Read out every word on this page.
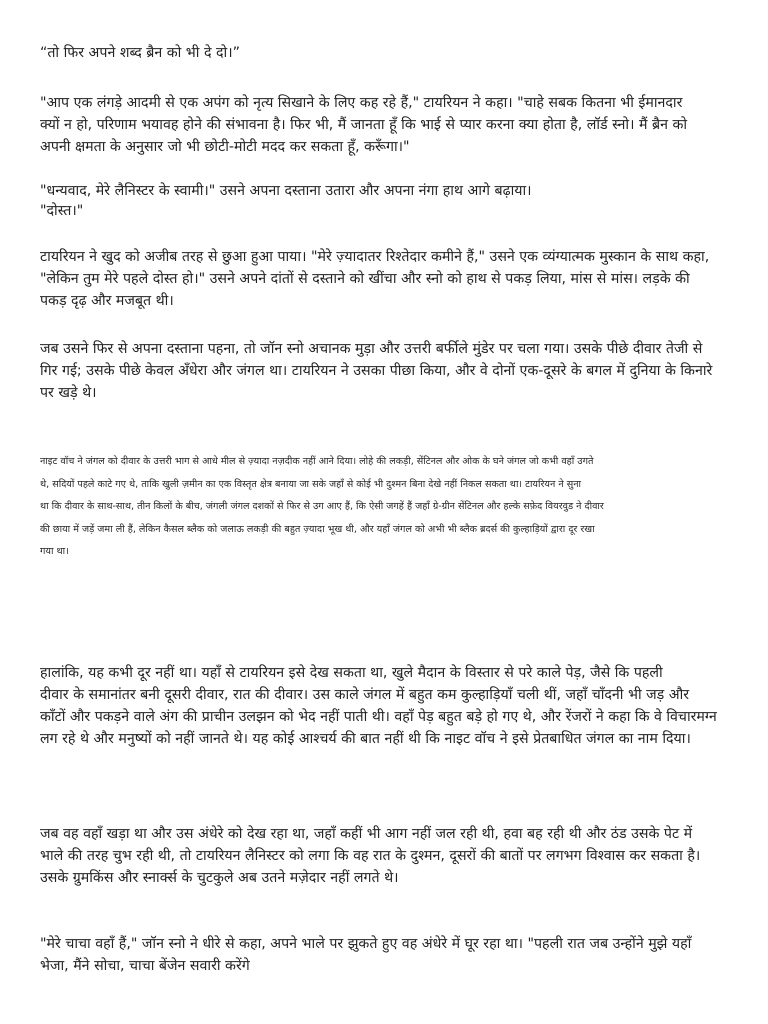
“तो फिर अपने शब्द ब्रैन को भी दे दो।”

"आप एक लंगड़े आदमी से एक अपंग को नृत्य सिखाने के लिए कह रहे हैं," टायरियन ने कहा। "चाहे सबक कितना भी ईमानदार
क्यों न हो, परिणाम भयावह होने की संभावना है। फिर भी, मैं जानता हूँ कि भाई से प्यार करना क्या होता है, लॉर्ड स्नो। मैं ब्रैन को
अपनी क्षमता के अनुसार जो भी छोटी-मोटी मदद कर सकता हूँ, करूँगा।"

"धन्यवाद, मेरे लैनिस्टर के स्वामी।" उसने अपना दस्ताना उतारा और अपना नंगा हाथ आगे बढ़ाया।
"दोस्त।"

टायरियन ने खुद को अजीब तरह से छुआ हुआ पाया। "मेरे ज़्यादातर रिश्तेदार कमीने हैं," उसने एक व्यंग्यात्मक मुस्कान के साथ कहा,
"लेकिन तुम मेरे पहले दोस्त हो।" उसने अपने दांतों से दस्ताने को खींचा और स्नो को हाथ से पकड़ लिया, मांस से मांस। लड़के की
पकड़ दृढ़ और मजबूत थी।

जब उसने फिर से अपना दस्ताना पहना, तो जॉन स्नो अचानक मुड़ा और उत्तरी बर्फीले मुंडेर पर चला गया। उसके पीछे दीवार तेजी से
गिर गई; उसके पीछे केवल अँधेरा और जंगल था। टायरियन ने उसका पीछा किया, और वे दोनों एक-दूसरे के बगल में दुनिया के किनारे
पर खड़े थे।

नाइट वॉच ने जंगल को दीवार के उत्तरी भाग से आधे मील से ज़्यादा नज़दीक नहीं आने दिया। लोहे की लकड़ी, सेंटिनल और ओक के घने जंगल जो कभी वहाँ उगते
थे, सदियों पहले काटे गए थे, ताकि खुली ज़मीन का एक विस्तृत क्षेत्र बनाया जा सके जहाँ से कोई भी दुश्मन बिना देखे नहीं निकल सकता था। टायरियन ने सुना
था कि दीवार के साथ-साथ, तीन किलों के बीच, जंगली जंगल दशकों से फिर से उग आए हैं, कि ऐसी जगहें हैं जहाँ ग्रे-ग्रीन सेंटिनल और हल्के सफ़ेद वियरवुड ने दीवार
की छाया में जड़ें जमा ली हैं, लेकिन कैसल ब्लैक को जलाऊ लकड़ी की बहुत ज़्यादा भूख थी, और यहाँ जंगल को अभी भी ब्लैक ब्रदर्स की कुल्हाड़ियों द्वारा दूर रखा
गया था।

हालांकि, यह कभी दूर नहीं था। यहाँ से टायरियन इसे देख सकता था, खुले मैदान के विस्तार से परे काले पेड़, जैसे कि पहली
दीवार के समानांतर बनी दूसरी दीवार, रात की दीवार। उस काले जंगल में बहुत कम कुल्हाड़ियाँ चली थीं, जहाँ चाँदनी भी जड़ और
काँटों और पकड़ने वाले अंग की प्राचीन उलझन को भेद नहीं पाती थी। वहाँ पेड़ बहुत बड़े हो गए थे, और रेंजरों ने कहा कि वे विचारमग्न
लग रहे थे और मनुष्यों को नहीं जानते थे। यह कोई आश्चर्य की बात नहीं थी कि नाइट वॉच ने इसे प्रेतबाधित जंगल का नाम दिया।

जब वह वहाँ खड़ा था और उस अंधेरे को देख रहा था, जहाँ कहीं भी आग नहीं जल रही थी, हवा बह रही थी और ठंड उसके पेट में
भाले की तरह चुभ रही थी, तो टायरियन लैनिस्टर को लगा कि वह रात के दुश्मन, दूसरों की बातों पर लगभग विश्वास कर सकता है।
उसके ग्रुमकिंस और स्नार्क्स के चुटकुले अब उतने मज़ेदार नहीं लगते थे।

"मेरे चाचा वहाँ हैं," जॉन स्नो ने धीरे से कहा, अपने भाले पर झुकते हुए वह अंधेरे में घूर रहा था। "पहली रात जब उन्होंने मुझे यहाँ
भेजा, मैंने सोचा, चाचा बेंजेन सवारी करेंगे
